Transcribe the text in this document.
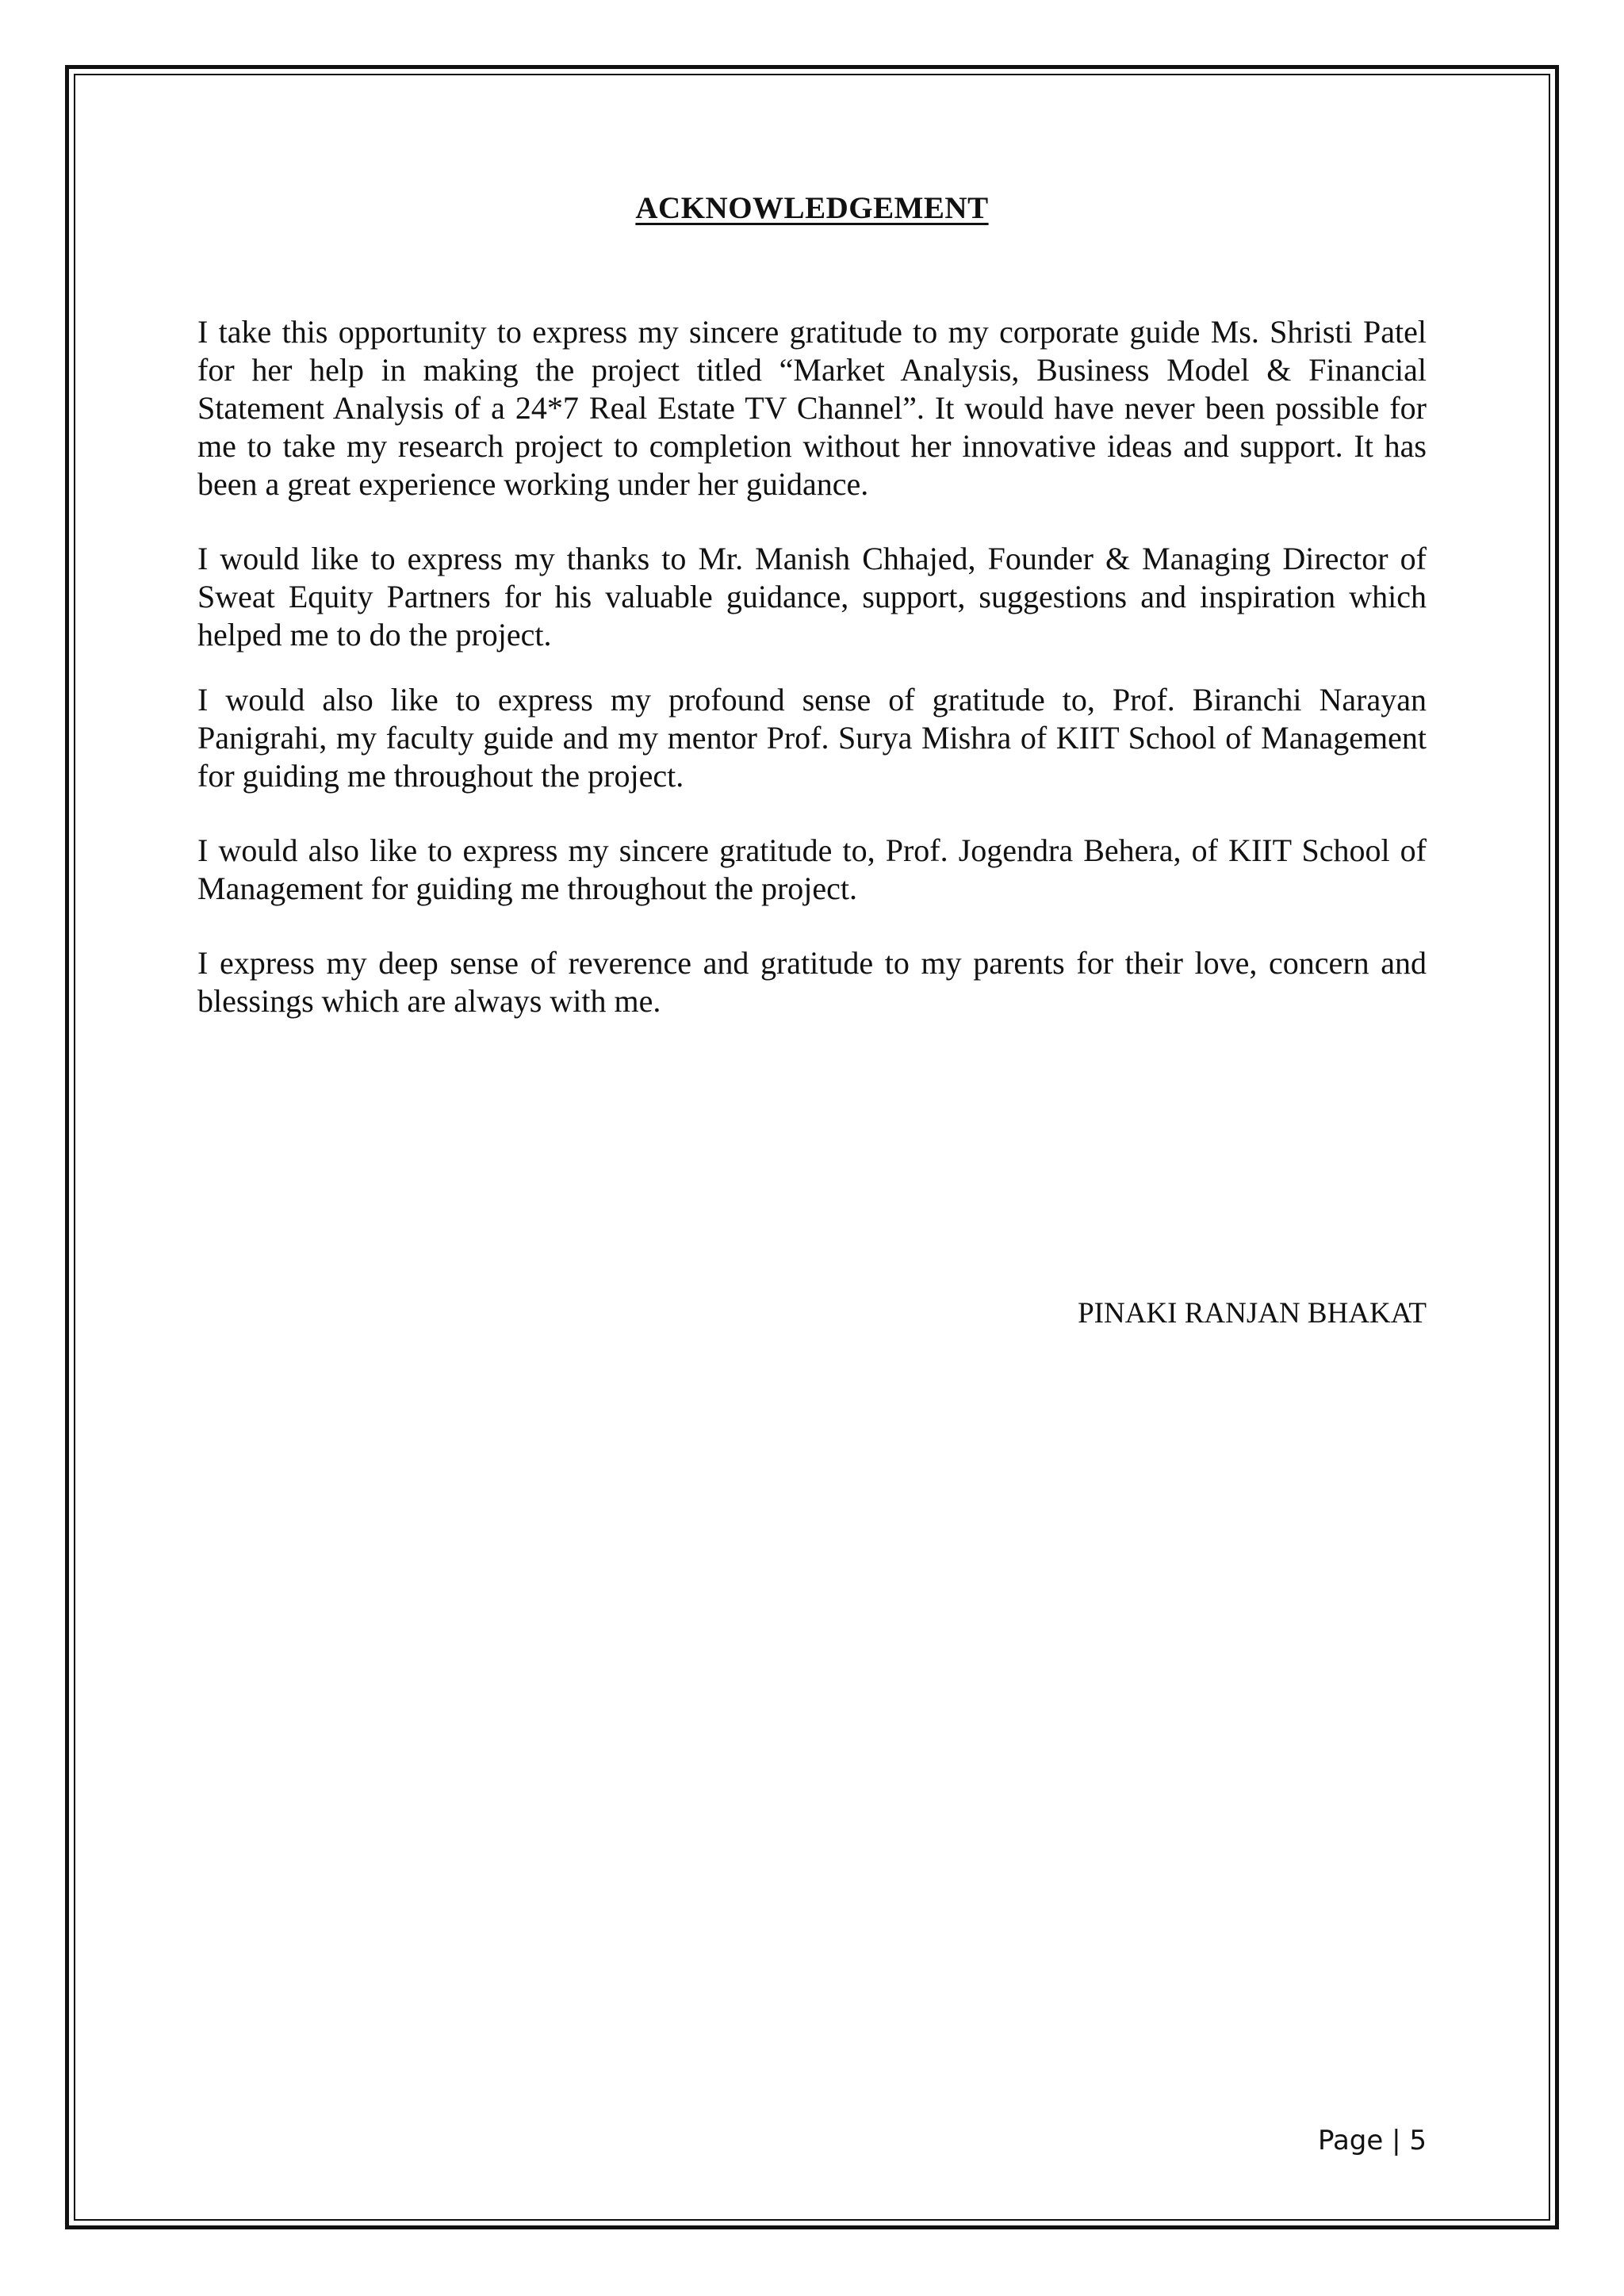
ACKNOWLEDGEMENT

I take this opportunity to express my sincere gratitude to my corporate guide Ms. Shristi Patel for her help in making the project titled “Market Analysis, Business Model & Financial Statement Analysis of a 24*7 Real Estate TV Channel”. It would have never been possible for me to take my research project to completion without her innovative ideas and support. It has been a great experience working under her guidance.

I would like to express my thanks to Mr. Manish Chhajed, Founder & Managing Director of Sweat Equity Partners for his valuable guidance, support, suggestions and inspiration which helped me to do the project.

I would also like to express my profound sense of gratitude to, Prof. Biranchi Narayan Panigrahi, my faculty guide and my mentor Prof. Surya Mishra of KIIT School of Management for guiding me throughout the project.

I would also like to express my sincere gratitude to, Prof. Jogendra Behera, of KIIT School of Management for guiding me throughout the project.

I express my deep sense of reverence and gratitude to my parents for their love, concern and blessings which are always with me.

PINAKI RANJAN BHAKAT
Page | 5
